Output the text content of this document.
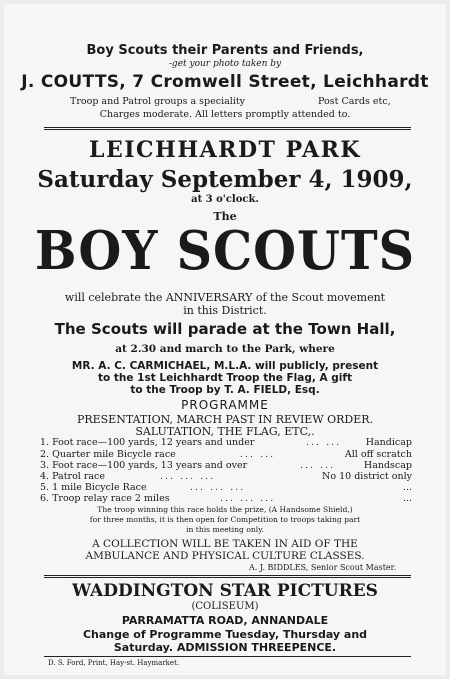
Boy Scouts their Parents and Friends,
-get your photo taken by
J. COUTTS, 7 Cromwell Street, Leichhardt
Troop and Patrol groups a speciality	Post Cards etc,
Charges moderate. All letters promptly attended to.
LEICHHARDT PARK
Saturday September 4, 1909,
at 3 o'clock.
The
BOY SCOUTS
will celebrate the ANNIVERSARY of the Scout movement
in this District.
The Scouts will parade at the Town Hall,
at 2.30 and march to the Park, where
MR. A. C. CARMICHAEL, M.L.A. will publicly, present
to the 1st Leichhardt Troop the Flag, A gift
to the Troop by T. A. FIELD, Esq.
PROGRAMME
PRESENTATION, MARCH PAST IN REVIEW ORDER.
SALUTATION, THE FLAG, ETC,.
1. Foot race—100 yards, 12 years and under	... ...	Handicap
2. Quarter mile Bicycle race	... ...	All off scratch
3. Foot race—100 yards, 13 years and over	... ...	Handscap
4. Patrol race	... ... ...	No 10 district only
5. 1 mile Bicycle Race	... ... ...	...
6. Troop relay race 2 miles	... ... ...	...
The troop winning this race holds the prize, (A Handsome Shield,)
for three months, it is then open for Competition to troops taking part
in this meeting only.
A COLLECTION WILL BE TAKEN IN AID OF THE
AMBULANCE AND PHYSICAL CULTURE CLASSES.
A. J. BIDDLES, Senior Scout Master.
WADDINGTON STAR PICTURES
(COLISEUM)
PARRAMATTA ROAD, ANNANDALE
Change of Programme Tuesday, Thursday and
Saturday. ADMISSION THREEPENCE.
D. S. Ford, Print, Hay-st. Haymarket.
